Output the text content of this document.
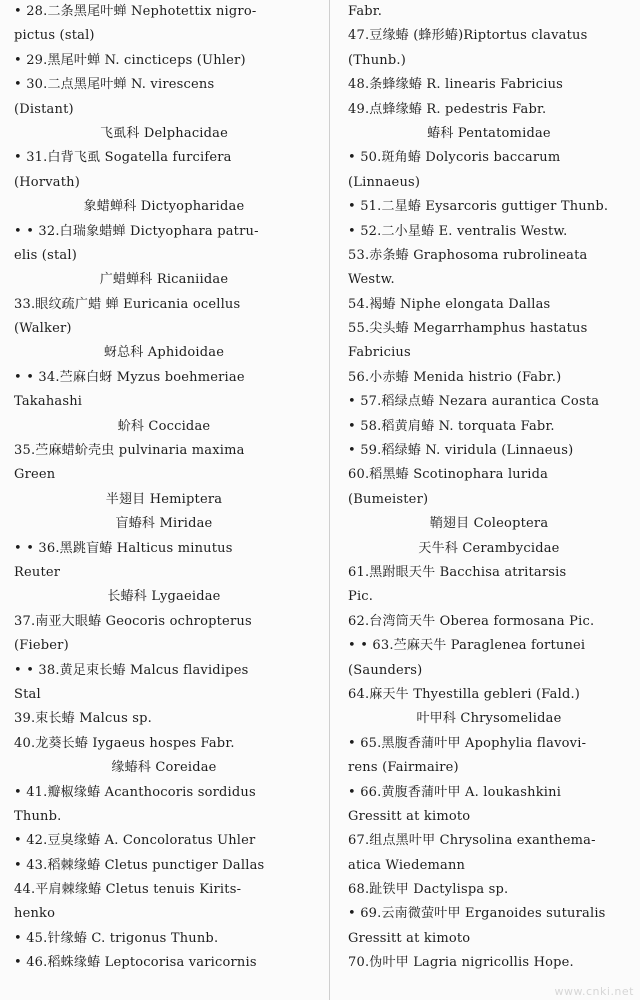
• 28.二条黑尾叶蝉 Nephotettix nigro-
pictus (stal)
• 29.黑尾叶蝉 N. cincticeps (Uhler)
• 30.二点黑尾叶蝉 N. virescens
(Distant)
飞虱科 Delphacidae
• 31.白背飞虱 Sogatella furcifera
(Horvath)
象蜡蝉科 Dictyopharidae
• • 32.白瑞象蜡蝉 Dictyophara patru-
elis (stal)
广蜡蝉科 Ricaniidae
33.眼纹疏广蜡 蝉 Euricania ocellus
(Walker)
蚜总科 Aphidoidae
• • 34.苎麻白蚜 Myzus boehmeriae
Takahashi
蚧科 Coccidae
35.苎麻蜡蚧壳虫 pulvinaria maxima
Green
半翅目 Hemiptera
盲蝽科 Miridae
• • 36.黑跳盲蝽 Halticus minutus
Reuter
长蝽科 Lygaeidae
37.南亚大眼蝽 Geocoris ochropterus
(Fieber)
• • 38.黄足束长蝽 Malcus flavidipes
Stal
39.束长蝽 Malcus sp.
40.龙葵长蝽 Iygaeus hospes Fabr.
缘蝽科 Coreidae
• 41.瓣椒缘蝽 Acanthocoris sordidus
Thunb.
• 42.豆臭缘蝽 A. Concoloratus Uhler
• 43.稻棘缘蝽 Cletus punctiger Dallas
44.平肩棘缘蝽 Cletus tenuis Kirits-
henko
• 45.针缘蝽 C. trigonus Thunb.
• 46.稻蛛缘蝽 Leptocorisa varicornis
Fabr.
47.豆缘蝽 (蜂形蝽)Riptortus clavatus
(Thunb.)
48.条蜂缘蝽 R. linearis Fabricius
49.点蜂缘蝽 R. pedestris Fabr.
蝽科 Pentatomidae
• 50.斑角蝽 Dolycoris baccarum
(Linnaeus)
• 51.二星蝽 Eysarcoris guttiger Thunb.
• 52.二小星蝽 E. ventralis Westw.
53.赤条蝽 Graphosoma rubrolineata
Westw.
54.褐蝽 Niphe elongata Dallas
55.尖头蝽 Megarrhamphus hastatus
Fabricius
56.小赤蝽 Menida histrio (Fabr.)
• 57.稻绿点蝽 Nezara aurantica Costa
• 58.稻黄肩蝽 N. torquata Fabr.
• 59.稻绿蝽 N. viridula (Linnaeus)
60.稻黑蝽 Scotinophara lurida
(Bumeister)
鞘翅目 Coleoptera
天牛科 Cerambycidae
61.黑跗眼天牛 Bacchisa atritarsis
Pic.
62.台湾筒天牛 Oberea formosana Pic.
• • 63.苎麻天牛 Paraglenea fortunei
(Saunders)
64.麻天牛 Thyestilla gebleri (Fald.)
叶甲科 Chrysomelidae
• 65.黑腹香蒲叶甲 Apophylia flavovi-
rens (Fairmaire)
• 66.黄腹香蒲叶甲 A. loukashkini
Gressitt at kimoto
67.组点黑叶甲 Chrysolina exanthema-
atica Wiedemann
68.趾铁甲 Dactylispa sp.
• 69.云南微萤叶甲 Erganoides suturalis
Gressitt at kimoto
70.伪叶甲 Lagria nigricollis Hope.
www.cnki.net
